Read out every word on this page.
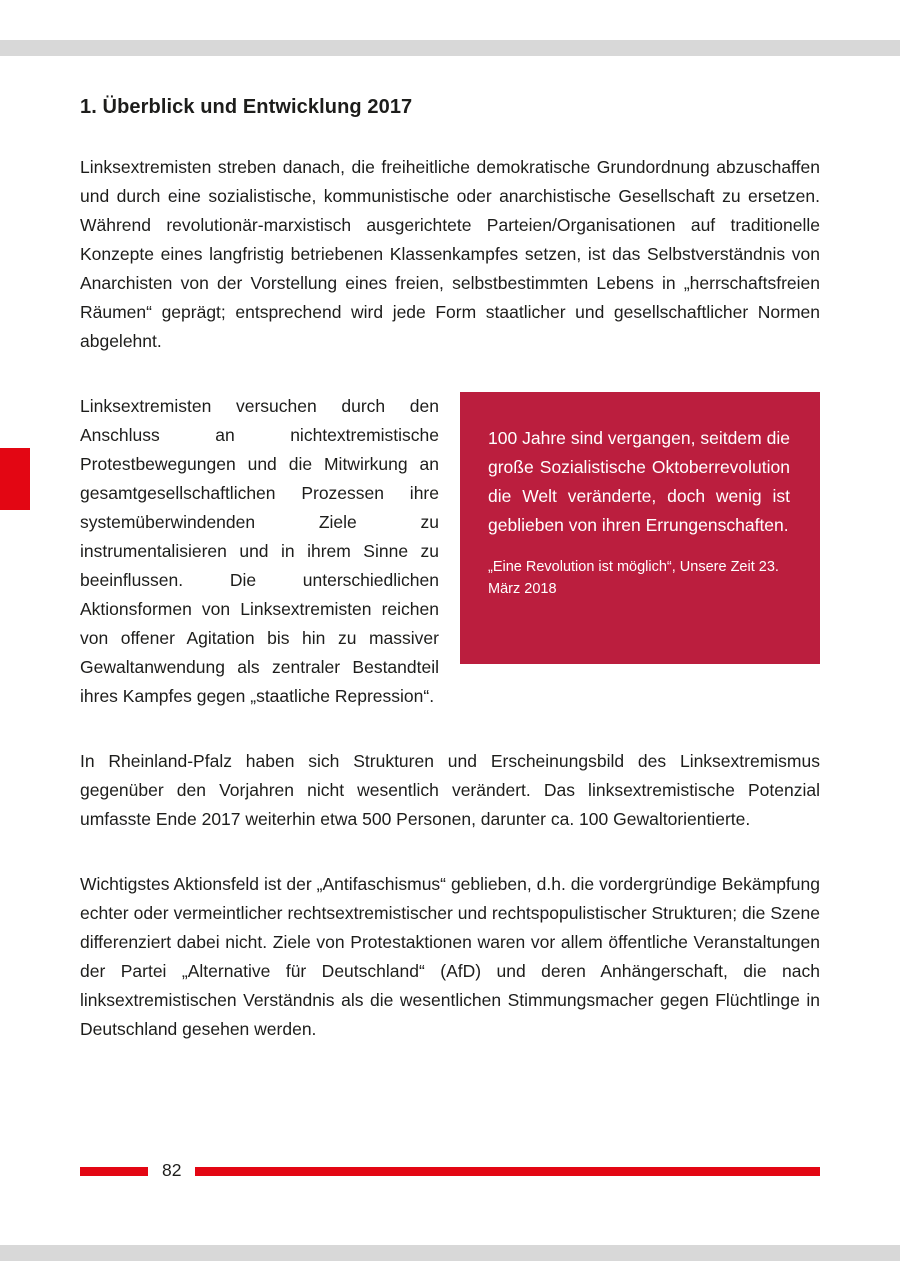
1. Überblick und Entwicklung 2017

Linksextremisten streben danach, die freiheitliche demokratische Grundordnung abzuschaffen und durch eine sozialistische, kommunistische oder anarchistische Gesellschaft zu ersetzen. Während revolutionär-marxistisch ausgerichtete Parteien/Organisationen auf traditionelle Konzepte eines langfristig betriebenen Klassenkampfes setzen, ist das Selbstverständnis von Anarchisten von der Vorstellung eines freien, selbstbestimmten Lebens in „herrschaftsfreien Räumen“ geprägt; entsprechend wird jede Form staatlicher und gesellschaftlicher Normen abgelehnt.

100 Jahre sind vergangen, seitdem die große Sozialistische Oktoberrevolution die Welt veränderte, doch wenig ist geblieben von ihren Errungenschaften.

„Eine Revolution ist möglich“, Unsere Zeit 23. März 2018

Linksextremisten versuchen durch den Anschluss an nichtextremistische Protestbewegungen und die Mitwirkung an gesamtgesellschaftlichen Prozessen ihre systemüberwindenden Ziele zu instrumentalisieren und in ihrem Sinne zu beeinflussen. Die unterschiedlichen Aktionsformen von Linksextremisten reichen von offener Agitation bis hin zu massiver Gewaltanwendung als zentraler Bestandteil ihres Kampfes gegen „staatliche Repression“.

In Rheinland-Pfalz haben sich Strukturen und Erscheinungsbild des Linksextremismus gegenüber den Vorjahren nicht wesentlich verändert. Das linksextremistische Potenzial umfasste Ende 2017 weiterhin etwa 500 Personen, darunter ca. 100 Gewaltorientierte.

Wichtigstes Aktionsfeld ist der „Antifaschismus“ geblieben, d.h. die vordergründige Bekämpfung echter oder vermeintlicher rechtsextremistischer und rechtspopulistischer Strukturen; die Szene differenziert dabei nicht. Ziele von Protestaktionen waren vor allem öffentliche Veranstaltungen der Partei „Alternative für Deutschland“ (AfD) und deren Anhängerschaft, die nach linksextremistischen Verständnis als die wesentlichen Stimmungsmacher gegen Flüchtlinge in Deutschland gesehen werden.

82
